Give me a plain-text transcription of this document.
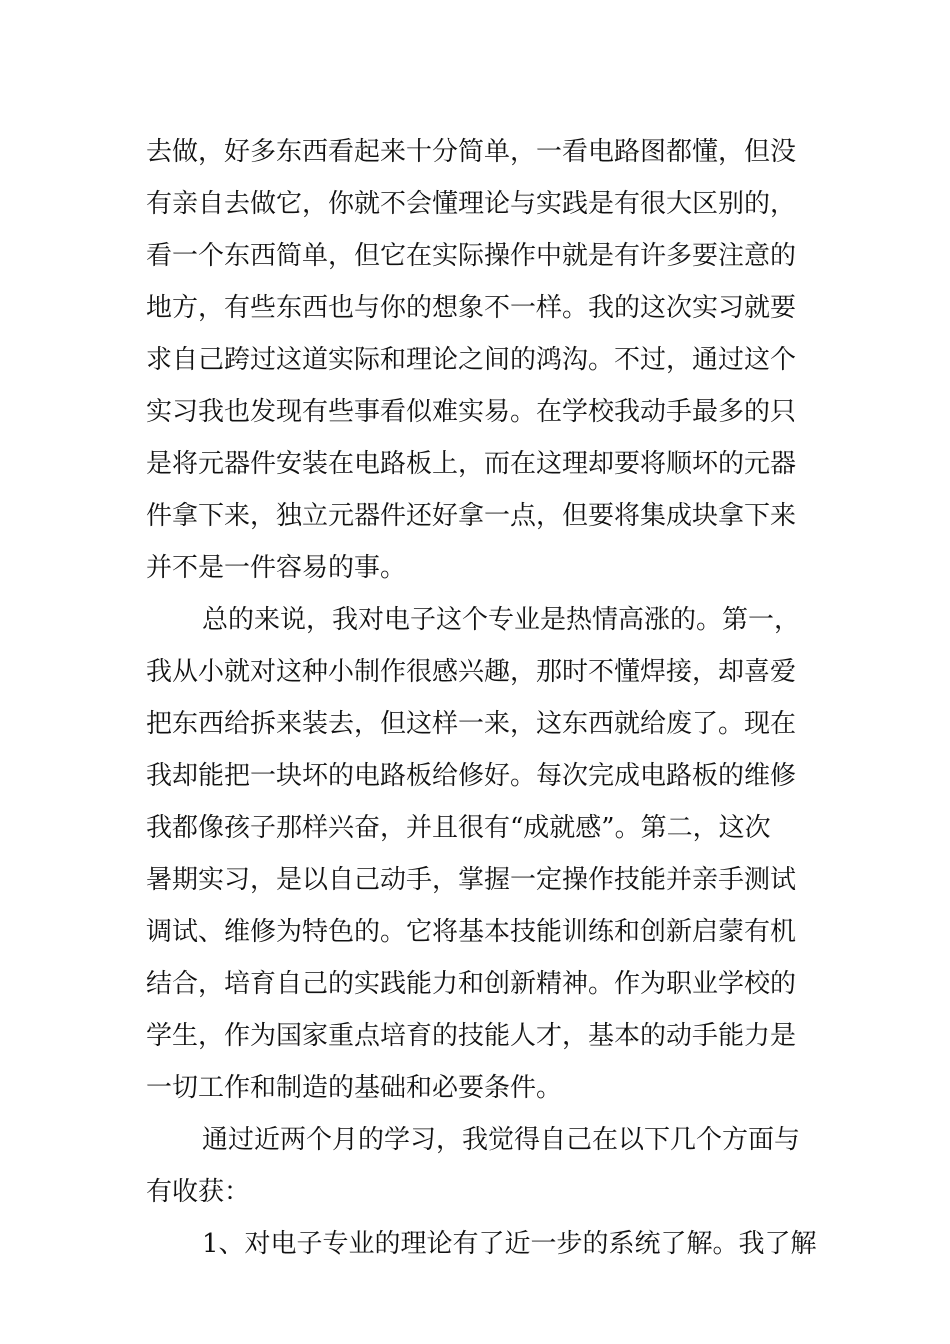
去做，好多东西看起来十分简单，一看电路图都懂，但没
有亲自去做它，你就不会懂理论与实践是有很大区别的，
看一个东西简单，但它在实际操作中就是有许多要注意的
地方，有些东西也与你的想象不一样。我的这次实习就要
求自己跨过这道实际和理论之间的鸿沟。不过，通过这个
实习我也发现有些事看似难实易。在学校我动手最多的只
是将元器件安装在电路板上，而在这理却要将顺坏的元器
件拿下来，独立元器件还好拿一点，但要将集成块拿下来
并不是一件容易的事。
总的来说，我对电子这个专业是热情高涨的。第一，
我从小就对这种小制作很感兴趣，那时不懂焊接，却喜爱
把东西给拆来装去，但这样一来，这东西就给废了。现在
我却能把一块坏的电路板给修好。每次完成电路板的维修
我都像孩子那样兴奋，并且很有“成就感”。第二，这次
暑期实习，是以自己动手，掌握一定操作技能并亲手测试
调试、维修为特色的。它将基本技能训练和创新启蒙有机
结合，培育自己的实践能力和创新精神。作为职业学校的
学生，作为国家重点培育的技能人才，基本的动手能力是
一切工作和制造的基础和必要条件。
通过近两个月的学习，我觉得自己在以下几个方面与
有收获：
1、对电子专业的理论有了近一步的系统了解。我了解
